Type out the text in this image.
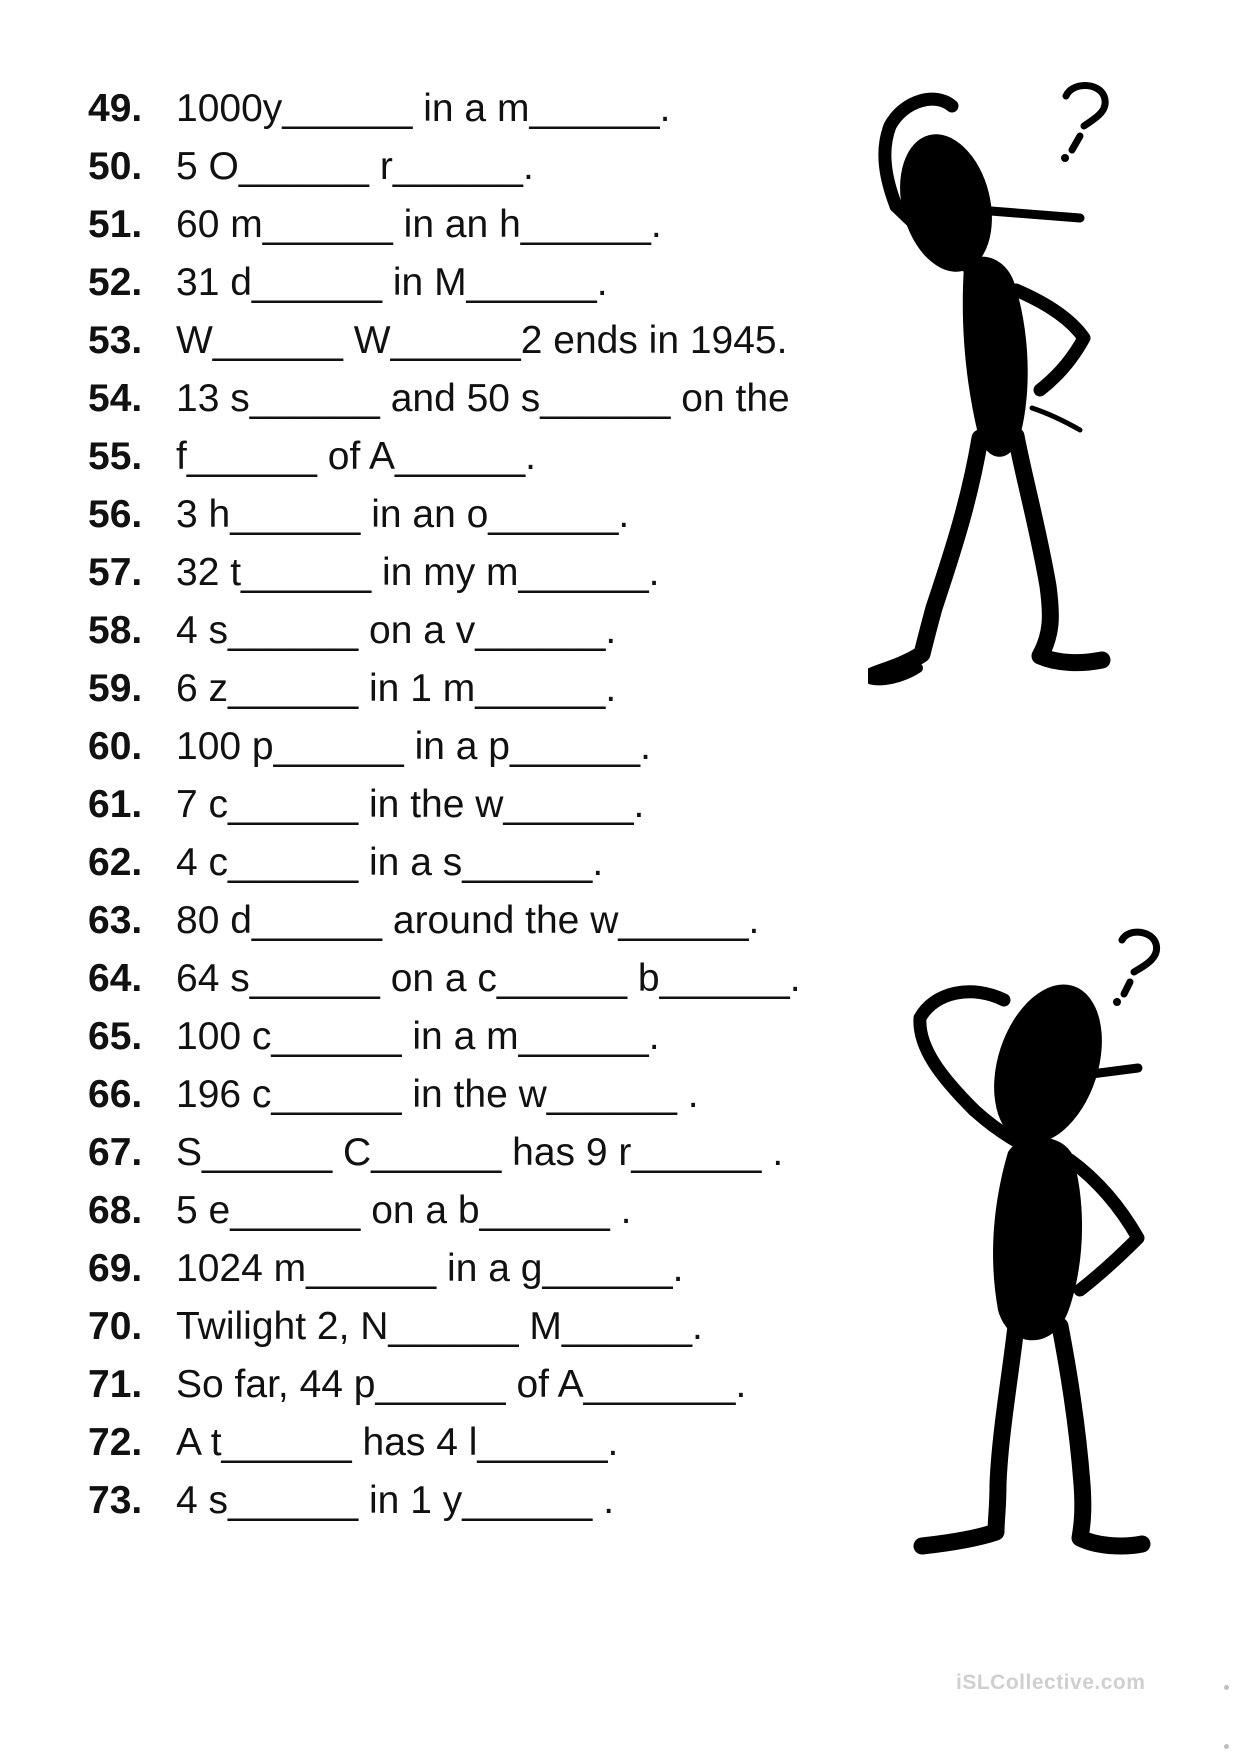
49. 1000y______ in a m______.
50. 5 O______ r______.
51. 60 m______ in an h______.
52. 31 d______ in M______.
53. W______ W______2 ends in 1945.
54. 13 s______ and 50 s______ on the
55. f______ of A______.
56. 3 h______ in an o______.
57. 32 t______ in my m______.
58. 4 s______ on a v______.
59. 6 z______ in 1 m______.
60. 100 p______ in a p______.
61. 7 c______ in the w______.
62. 4 c______ in a s______.
63. 80 d______ around the w______.
64. 64 s______ on a c______ b______.
65. 100 c______ in a m______.
66. 196 c______ in the w______ .
67. S______ C______ has 9 r______ .
68. 5 e______ on a b______ .
69. 1024 m______ in a g______.
70. Twilight 2, N______ M______.
71. So far, 44 p______ of A_______.
72. A t______ has 4 l______.
73. 4 s______ in 1 y______ .
iSLCollective.com
